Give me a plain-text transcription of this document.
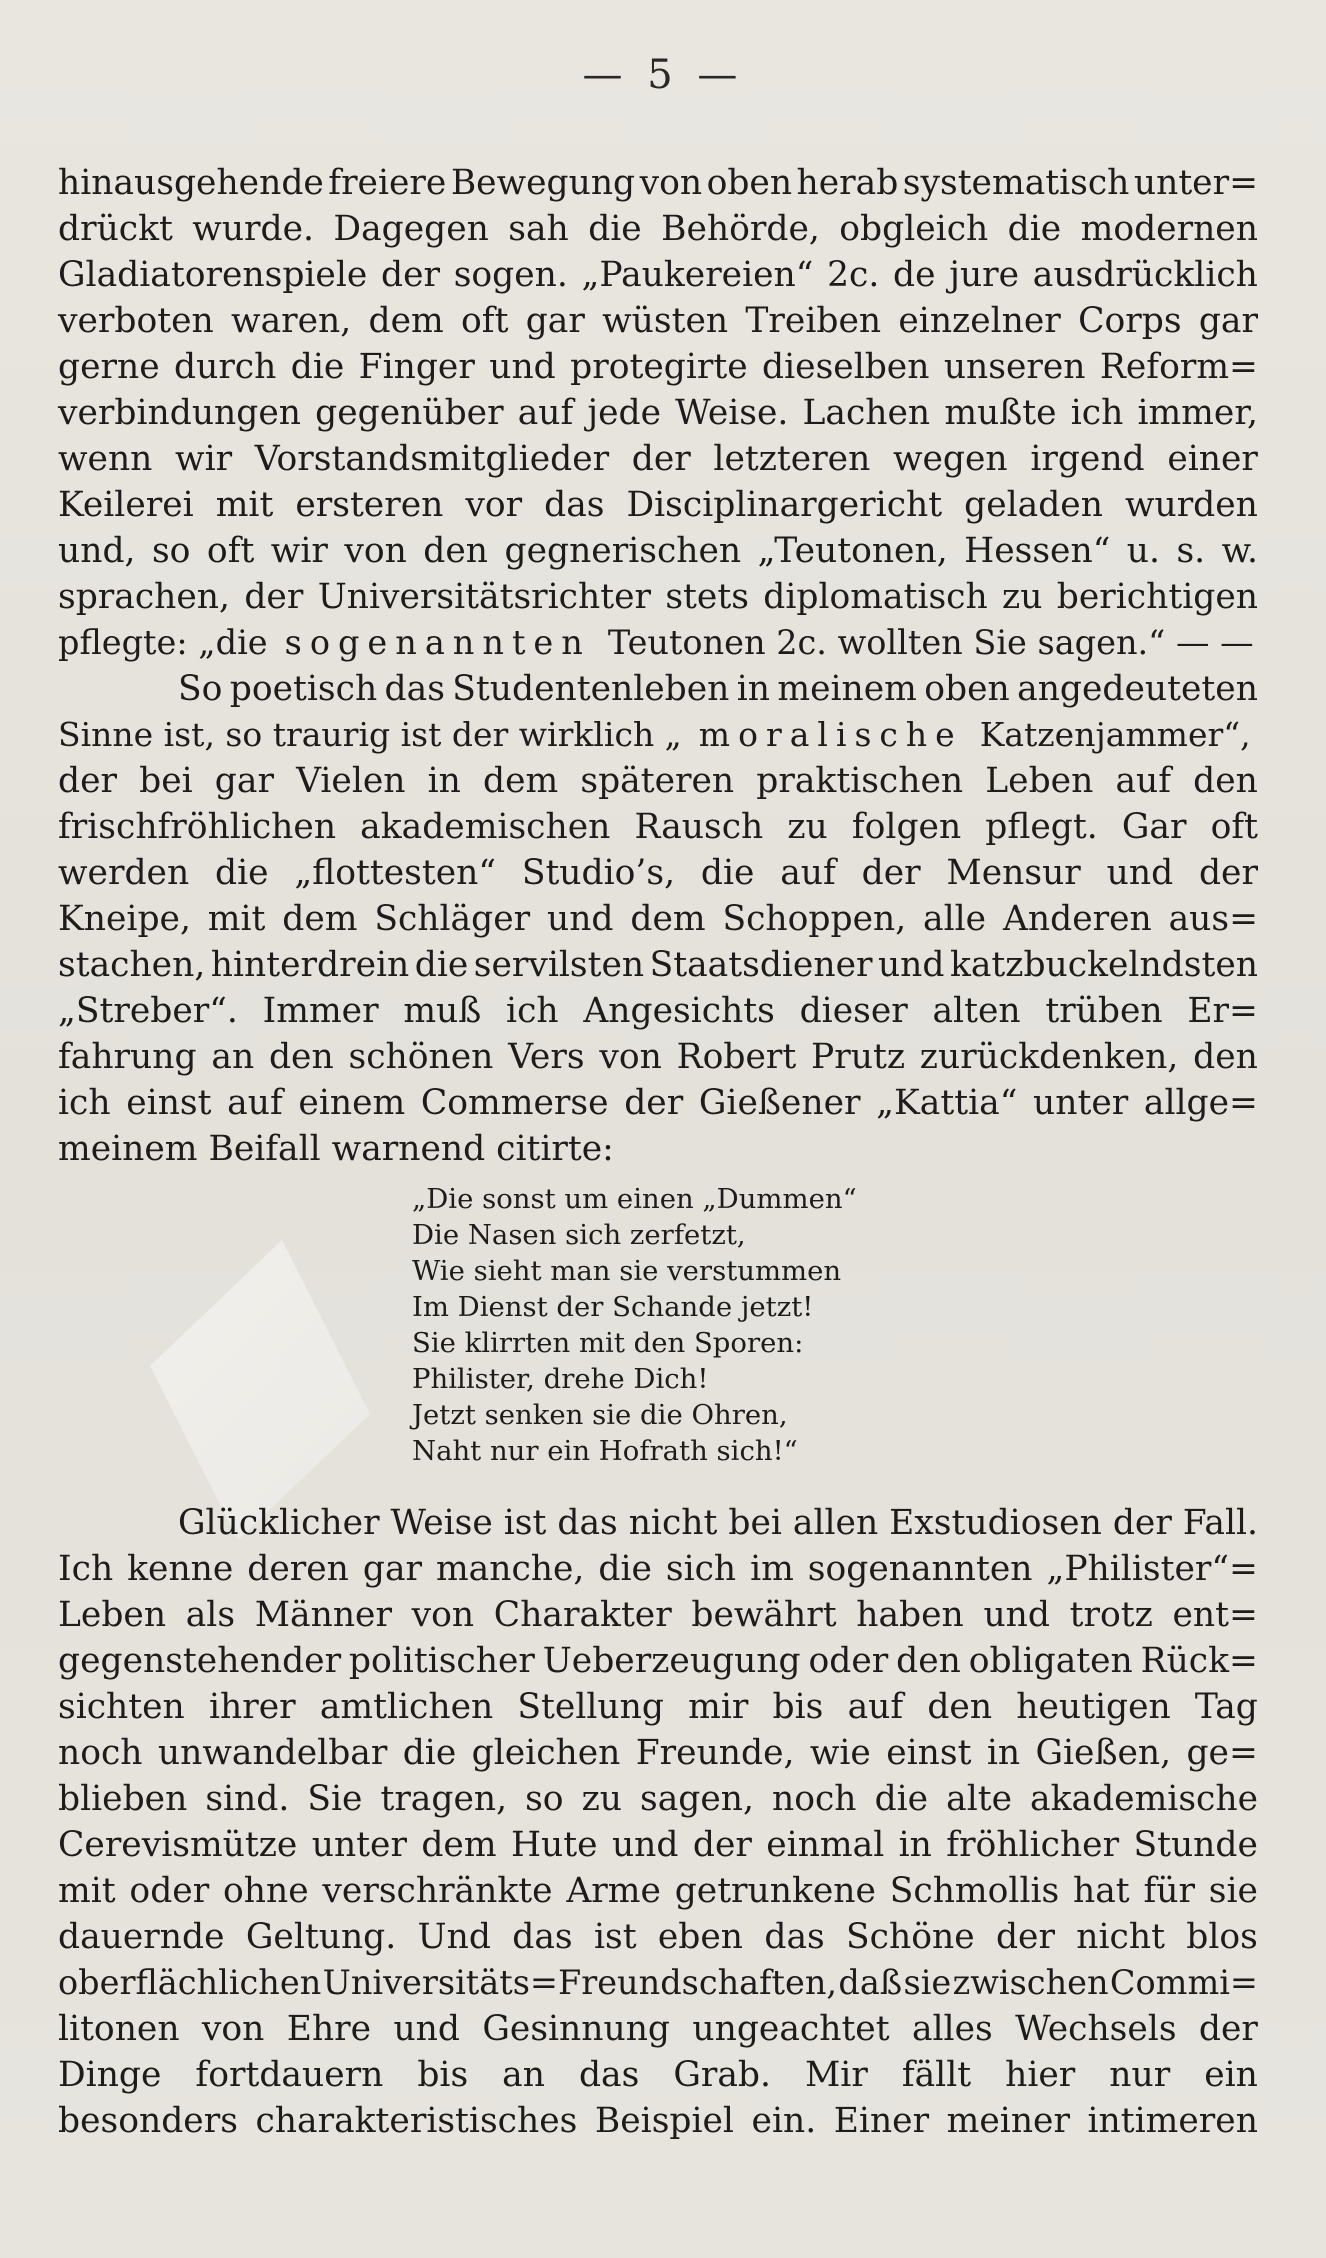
— 5 —
hinausgehende freiere Bewegung von oben herab systematisch unter=
drückt wurde. Dagegen sah die Behörde, obgleich die modernen
Gladiatorenspiele der sogen. „Paukereien“ 2c. de jure ausdrücklich
verboten waren, dem oft gar wüsten Treiben einzelner Corps gar
gerne durch die Finger und protegirte dieselben unseren Reform=
verbindungen gegenüber auf jede Weise. Lachen mußte ich immer,
wenn wir Vorstandsmitglieder der letzteren wegen irgend einer
Keilerei mit ersteren vor das Disciplinargericht geladen wurden
und, so oft wir von den gegnerischen „Teutonen, Hessen“ u. s. w.
sprachen, der Universitätsrichter stets diplomatisch zu berichtigen
pflegte: „die sogenannten Teutonen 2c. wollten Sie sagen.“ — —
So poetisch das Studentenleben in meinem oben angedeuteten
Sinne ist, so traurig ist der wirklich „ moralische Katzenjammer“,
der bei gar Vielen in dem späteren praktischen Leben auf den
frischfröhlichen akademischen Rausch zu folgen pflegt. Gar oft
werden die „flottesten“ Studio’s, die auf der Mensur und der
Kneipe, mit dem Schläger und dem Schoppen, alle Anderen aus=
stachen, hinterdrein die servilsten Staatsdiener und katzbuckelndsten
„Streber“. Immer muß ich Angesichts dieser alten trüben Er=
fahrung an den schönen Vers von Robert Prutz zurückdenken, den
ich einst auf einem Commerse der Gießener „Kattia“ unter allge=
meinem Beifall warnend citirte:
„Die sonst um einen „Dummen“
Die Nasen sich zerfetzt,
Wie sieht man sie verstummen
Im Dienst der Schande jetzt!
Sie klirrten mit den Sporen:
Philister, drehe Dich!
Jetzt senken sie die Ohren,
Naht nur ein Hofrath sich!“
Glücklicher Weise ist das nicht bei allen Exstudiosen der Fall.
Ich kenne deren gar manche, die sich im sogenannten „Philister“=
Leben als Männer von Charakter bewährt haben und trotz ent=
gegenstehender politischer Ueberzeugung oder den obligaten Rück=
sichten ihrer amtlichen Stellung mir bis auf den heutigen Tag
noch unwandelbar die gleichen Freunde, wie einst in Gießen, ge=
blieben sind. Sie tragen, so zu sagen, noch die alte akademische
Cerevismütze unter dem Hute und der einmal in fröhlicher Stunde
mit oder ohne verschränkte Arme getrunkene Schmollis hat für sie
dauernde Geltung. Und das ist eben das Schöne der nicht blos
oberflächlichen Universitäts=Freundschaften, daß sie zwischen Commi=
litonen von Ehre und Gesinnung ungeachtet alles Wechsels der
Dinge fortdauern bis an das Grab. Mir fällt hier nur ein
besonders charakteristisches Beispiel ein. Einer meiner intimeren
